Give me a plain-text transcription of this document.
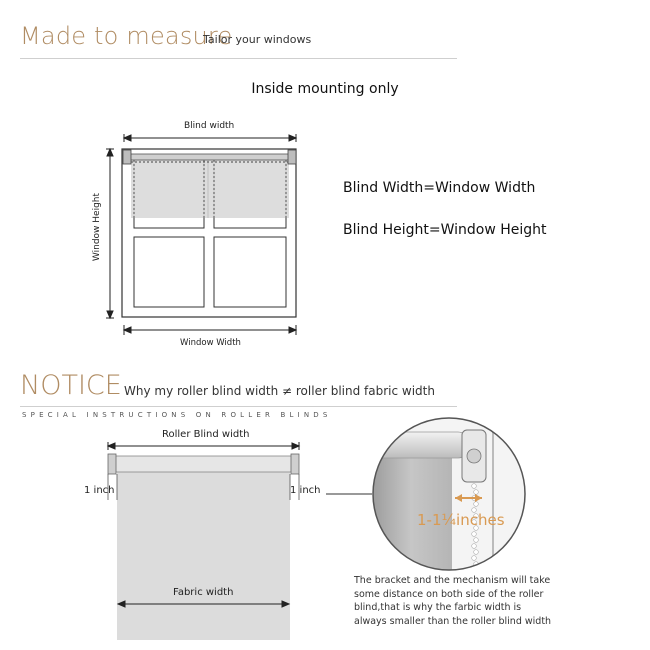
Made to measure
Tailor your windows
Inside mounting only
Blind width
Window Height
Window Width
Blind Width=Window Width
Blind Height=Window Height
NOTICE Why my roller blind width ≠ roller blind fabric width
SPECIAL INSTRUCTIONS ON ROLLER BLINDS
Roller Blind width
1 inch	1 inch
Fabric width
1-1¼inches
The bracket and the mechanism will take some distance on both side of the roller blind,that is why the farbic width is always smaller than the roller blind width
